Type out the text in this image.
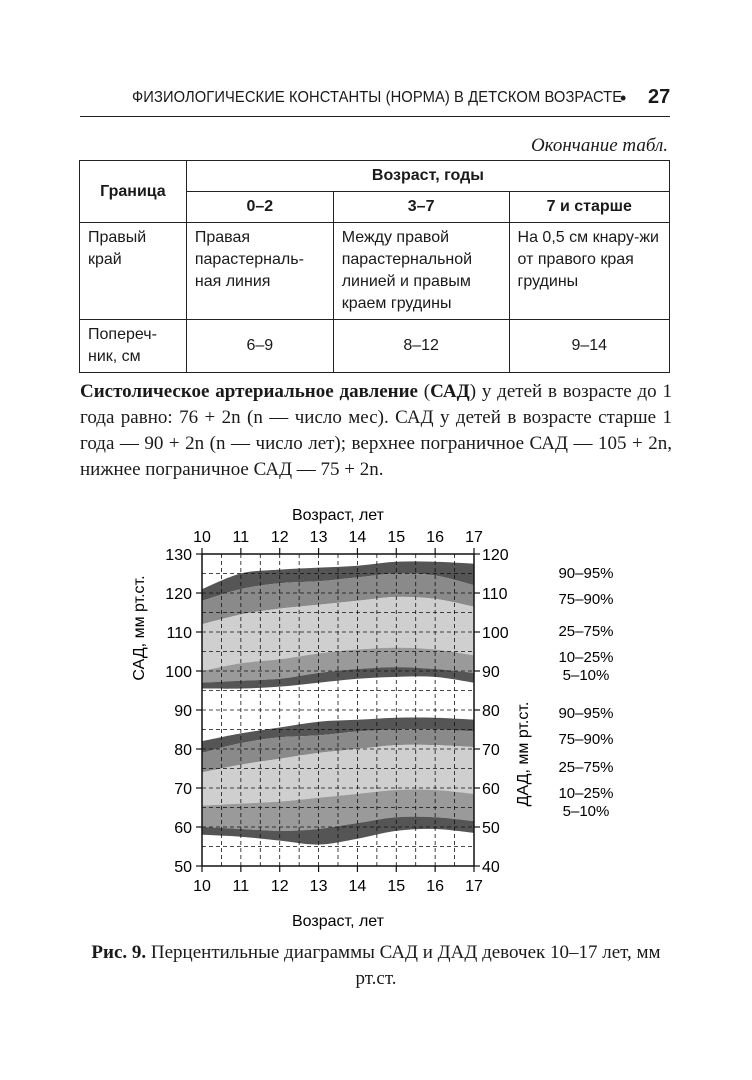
ФИЗИОЛОГИЧЕСКИЕ КОНСТАНТЫ (НОРМА) В ДЕТСКОМ ВОЗРАСТЕ
• 27
Окончание табл.
Граница	Возраст, годы		
	0–2	3–7	7 и старше
Правый край	Правая парастерналь-ная линия	Между правой парастернальной линией и правым краем грудины	На 0,5 см кнару-жи от правого края грудины
Попереч-ник, см	6–9	8–12	9–14
Систолическое артериальное давление (САД) у детей в возрасте до 1 года равно: 76 + 2n (n — число мес). САД у детей в возрасте старше 1 года — 90 + 2n (n — число лет); верхнее пограничное САД — 105 + 2n, нижнее пограничное САД — 75 + 2n.
Возраст, лет
Возраст, лет
САД, мм рт.ст.
ДАД, мм рт.ст.
10
10
11
11
12
12
13
13
14
14
15
15
16
16
17
17
50
60
70
80
90
100
110
120
130
40
50
60
70
80
90
100
110
120
90–95%
75–90%
25–75%
10–25%
5–10%
90–95%
75–90%
25–75%
10–25%
5–10%
Рис. 9. Перцентильные диаграммы САД и ДАД девочек 10–17 лет, мм рт.ст.
